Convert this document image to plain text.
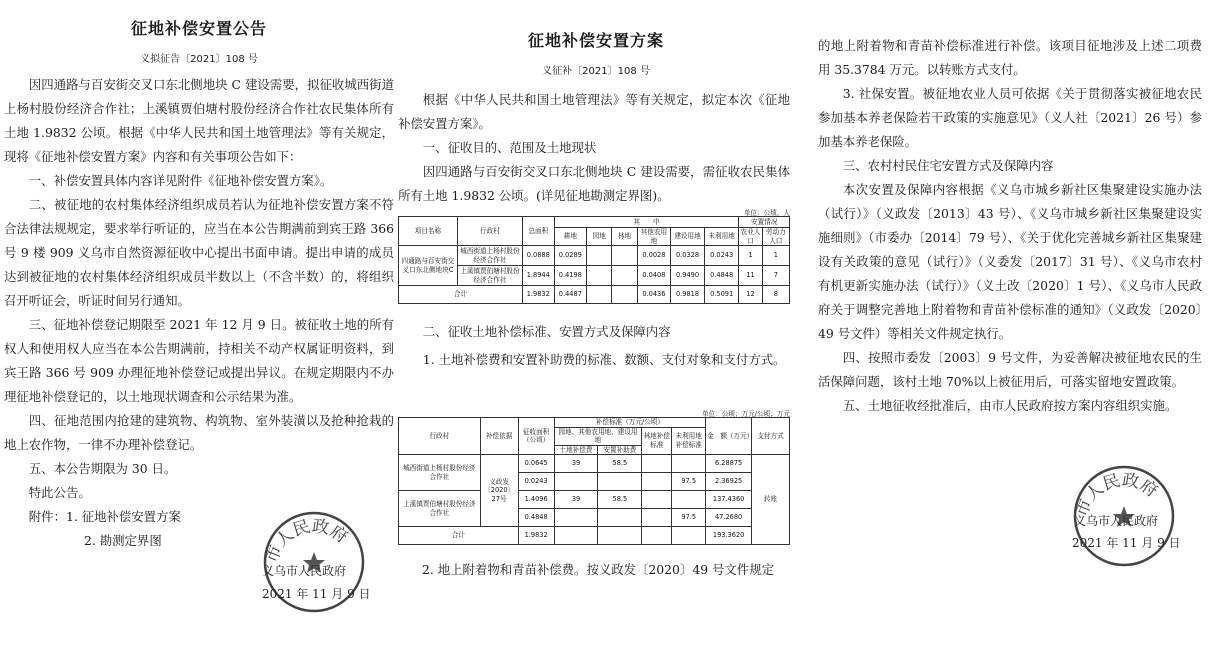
征地补偿安置公告
义拟征告〔2021〕108 号

因四通路与百安街交叉口东北侧地块 C 建设需要，拟征收城西街道上杨村股份经济合作社；上溪镇贾伯塘村股份经济合作社农民集体所有土地 1.9832 公顷。根据《中华人民共和国土地管理法》等有关规定，现将《征地补偿安置方案》内容和有关事项公告如下：

一、补偿安置具体内容详见附件《征地补偿安置方案》。

二、被征地的农村集体经济组织成员若认为征地补偿安置方案不符合法律法规规定，要求举行听证的，应当在本公告期满前到宾王路 366 号 9 楼 909 义乌市自然资源征收中心提出书面申请。提出申请的成员达到被征地的农村集体经济组织成员半数以上（不含半数）的，将组织召开听证会，听证时间另行通知。

三、征地补偿登记期限至 2021 年 12 月 9 日。被征收土地的所有权人和使用权人应当在本公告期满前，持相关不动产权属证明资料，到宾王路 366 号 909 办理征地补偿登记或提出异议。在规定期限内不办理征地补偿登记的，以土地现状调查和公示结果为准。

四、征地范围内抢建的建筑物、构筑物、室外装潢以及抢种抢栽的地上农作物，一律不办理补偿登记。

五、本公告期限为 30 日。

特此公告。

附件：1. 征地补偿安置方案

2. 勘测定界图

市人民政府
义乌市人民政府
2021 年 11 月 9 日
征地补偿安置方案
义征补〔2021〕108 号

根据《中华人民共和国土地管理法》等有关规定，拟定本次《征地补偿安置方案》。

一、征收目的、范围及土地现状

因四通路与百安街交叉口东北侧地块 C 建设需要，需征收农民集体所有土地 1.9832 公顷。(详见征地勘测定界图)。

单位：公顷、人
项目名称	行政村	总面积	其　　中						安置情况	
			耕地	园地	林地	其他农用地	建设用地	未利用地	农业人口	劳动力人口
四通路与百安街交叉口东北侧地块C	城西街道上杨村股份经济合作社	0.0888	0.0289			0.0028	0.0328	0.0243	1	1
	上溪镇贾伯塘村股份经济合作社	1.8944	0.4198			0.0408	0.9490	0.4848	11	7
合计		1.9832	0.4487			0.0436	0.9818	0.5091	12	8

二、征收土地补偿标准、安置方式及保障内容

1. 土地补偿费和安置补助费的标准、数额、支付对象和支付方式。

单位：公顷；万元/公顷；万元
行政村	补偿依据	征收面积（公顷）	补偿标准（万元/公顷）				金　额（万元）	支付方式
			园地、其他农用地、建设用地		林地补偿标准	未利用地补偿标准		
			土地补偿费	安置补助费				
城西街道上杨村股份经济合作社	义政发〔2020〕27号	0.0645	39	58.5			6.28875	转账
		0.0243				97.5	2.36925	
上溪镇贾伯塘村股份经济合作社		1.4096	39	58.5			137.4360	
		0.4848				97.5	47.2680	
合计		1.9832					193.3620	
2. 地上附着物和青苗补偿费。按义政发〔2020〕49 号文件规定

的地上附着物和青苗补偿标准进行补偿。该项目征地涉及上述二项费用 35.3784 万元。以转账方式支付。

3. 社保安置。被征地农业人员可依据《关于贯彻落实被征地农民参加基本养老保险若干政策的实施意见》（义人社〔2021〕26 号）参加基本养老保险。

三、农村村民住宅安置方式及保障内容

本次安置及保障内容根据《义乌市城乡新社区集聚建设实施办法（试行）》（义政发〔2013〕43 号）、《义乌市城乡新社区集聚建设实施细则》（市委办〔2014〕79 号）、《关于优化完善城乡新社区集聚建设有关政策的意见（试行）》（义委发〔2017〕31 号）、《义乌市农村有机更新实施办法（试行）》（义土改〔2020〕1 号）、《义乌市人民政府关于调整完善地上附着物和青苗补偿标准的通知》（义政发〔2020〕49 号文件）等相关文件规定执行。

四、按照市委发〔2003〕9 号文件，为妥善解决被征地农民的生活保障问题，该村土地 70%以上被征用后，可落实留地安置政策。

五、土地征收经批准后，由市人民政府按方案内容组织实施。

市人民政府
义乌市人民政府
2021 年 11 月 9 日
